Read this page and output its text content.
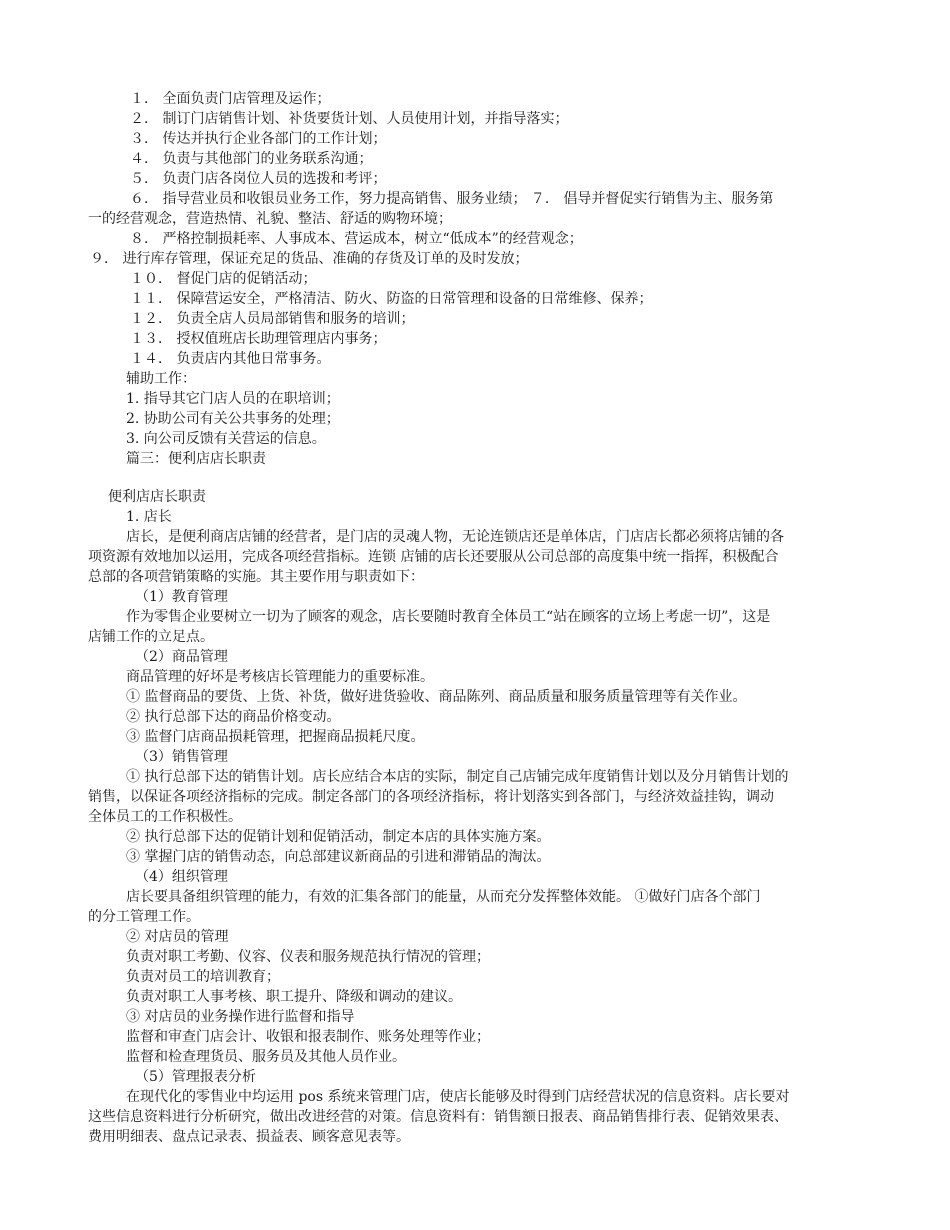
１． 全面负责门店管理及运作；
２． 制订门店销售计划、补货要货计划、人员使用计划，并指导落实；
３． 传达并执行企业各部门的工作计划；
４． 负责与其他部门的业务联系沟通；
５． 负责门店各岗位人员的选拨和考评；
６． 指导营业员和收银员业务工作，努力提高销售、服务业绩； ７． 倡导并督促实行销售为主、服务第
一的经营观念，营造热情、礼貌、整洁、舒适的购物环境；
８． 严格控制损耗率、人事成本、营运成本，树立“低成本”的经营观念；
９． 进行库存管理，保证充足的货品、准确的存货及订单的及时发放；
１０． 督促门店的促销活动；
１１． 保障营运安全，严格清洁、防火、防盗的日常管理和设备的日常维修、保养；
１２． 负责全店人员局部销售和服务的培训；
１３． 授权值班店长助理管理店内事务；
１４． 负责店内其他日常事务。
辅助工作：
1. 指导其它门店人员的在职培训；
2. 协助公司有关公共事务的处理；
3. 向公司反馈有关营运的信息。
篇三：便利店店长职责
便利店店长职责
1. 店长
店长，是便利商店店铺的经营者，是门店的灵魂人物，无论连锁店还是单体店，门店店长都必须将店铺的各
项资源有效地加以运用，完成各项经营指标。连锁 店铺的店长还要服从公司总部的高度集中统一指挥，积极配合
总部的各项营销策略的实施。其主要作用与职责如下：
（1）教育管理
作为零售企业要树立一切为了顾客的观念，店长要随时教育全体员工“站在顾客的立场上考虑一切”，这是
店铺工作的立足点。
（2）商品管理
商品管理的好坏是考核店长管理能力的重要标准。
① 监督商品的要货、上货、补货，做好进货验收、商品陈列、商品质量和服务质量管理等有关作业。
② 执行总部下达的商品价格变动。
③ 监督门店商品损耗管理，把握商品损耗尺度。
（3）销售管理
① 执行总部下达的销售计划。店长应结合本店的实际，制定自己店铺完成年度销售计划以及分月销售计划的
销售，以保证各项经济指标的完成。制定各部门的各项经济指标，将计划落实到各部门，与经济效益挂钩，调动
全体员工的工作积极性。
② 执行总部下达的促销计划和促销活动，制定本店的具体实施方案。
③ 掌握门店的销售动态，向总部建议新商品的引进和滞销品的淘汰。
（4）组织管理
店长要具备组织管理的能力，有效的汇集各部门的能量，从而充分发挥整体效能。 ①做好门店各个部门
的分工管理工作。
② 对店员的管理
负责对职工考勤、仪容、仪表和服务规范执行情况的管理；
负责对员工的培训教育；
负责对职工人事考核、职工提升、降级和调动的建议。
③ 对店员的业务操作进行监督和指导
监督和审查门店会计、收银和报表制作、账务处理等作业；
监督和检查理货员、服务员及其他人员作业。
（5）管理报表分析
在现代化的零售业中均运用 pos 系统来管理门店，使店长能够及时得到门店经营状况的信息资料。店长要对
这些信息资料进行分析研究，做出改进经营的对策。信息资料有：销售额日报表、商品销售排行表、促销效果表、
费用明细表、盘点记录表、损益表、顾客意见表等。
